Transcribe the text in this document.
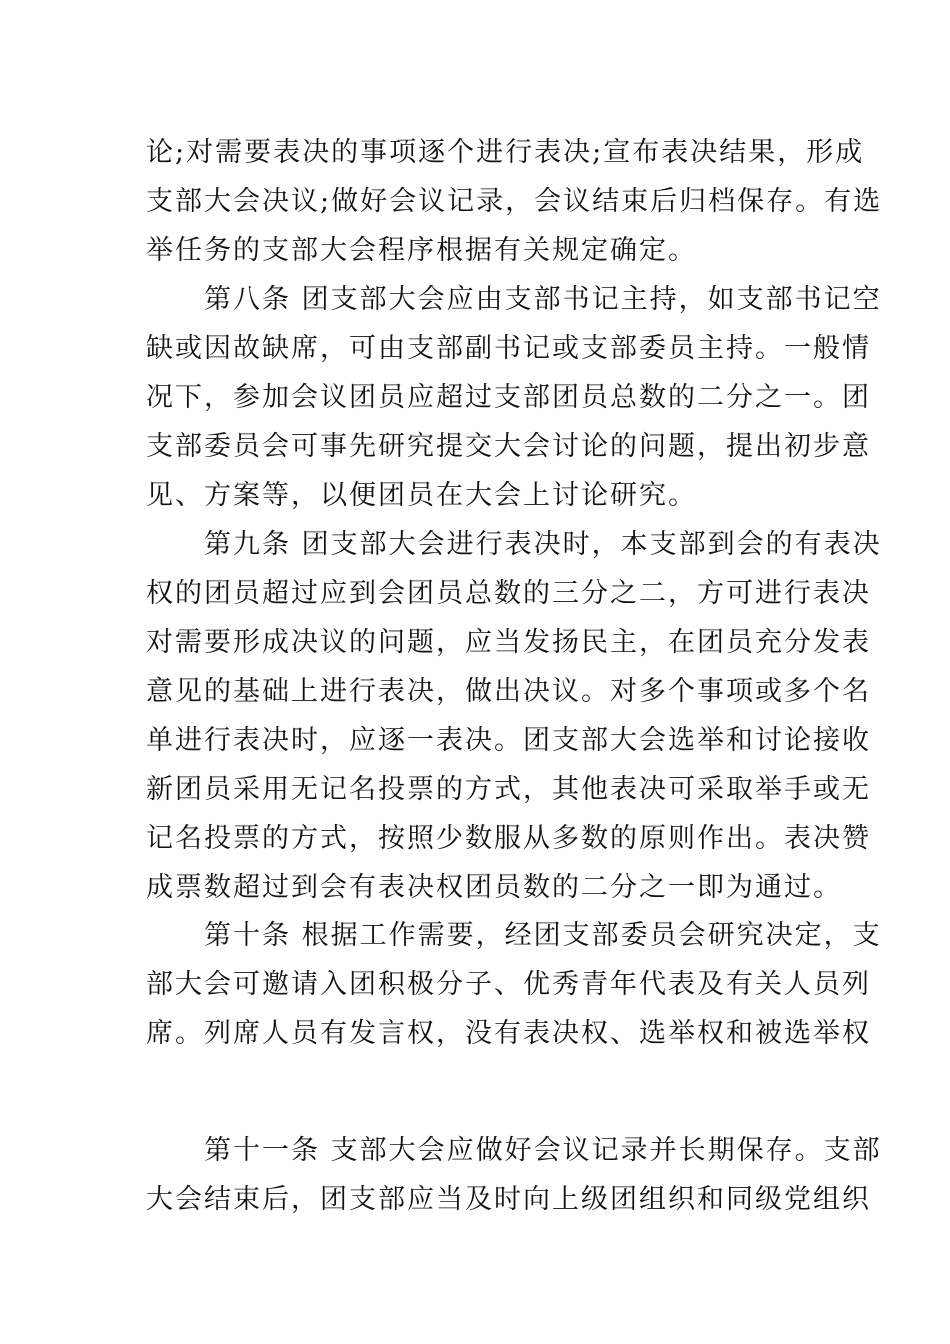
论;对需要表决的事项逐个进行表决;宣布表决结果，形成
支部大会决议;做好会议记录，会议结束后归档保存。有选
举任务的支部大会程序根据有关规定确定。
　　第八条 团支部大会应由支部书记主持，如支部书记空
缺或因故缺席，可由支部副书记或支部委员主持。一般情
况下，参加会议团员应超过支部团员总数的二分之一。团
支部委员会可事先研究提交大会讨论的问题，提出初步意
见、方案等，以便团员在大会上讨论研究。
　　第九条 团支部大会进行表决时，本支部到会的有表决
权的团员超过应到会团员总数的三分之二，方可进行表决
对需要形成决议的问题，应当发扬民主，在团员充分发表
意见的基础上进行表决，做出决议。对多个事项或多个名
单进行表决时，应逐一表决。团支部大会选举和讨论接收
新团员采用无记名投票的方式，其他表决可采取举手或无
记名投票的方式，按照少数服从多数的原则作出。表决赞
成票数超过到会有表决权团员数的二分之一即为通过。
　　第十条 根据工作需要，经团支部委员会研究决定，支
部大会可邀请入团积极分子、优秀青年代表及有关人员列
席。列席人员有发言权，没有表决权、选举权和被选举权
　　第十一条 支部大会应做好会议记录并长期保存。支部
大会结束后，团支部应当及时向上级团组织和同级党组织
